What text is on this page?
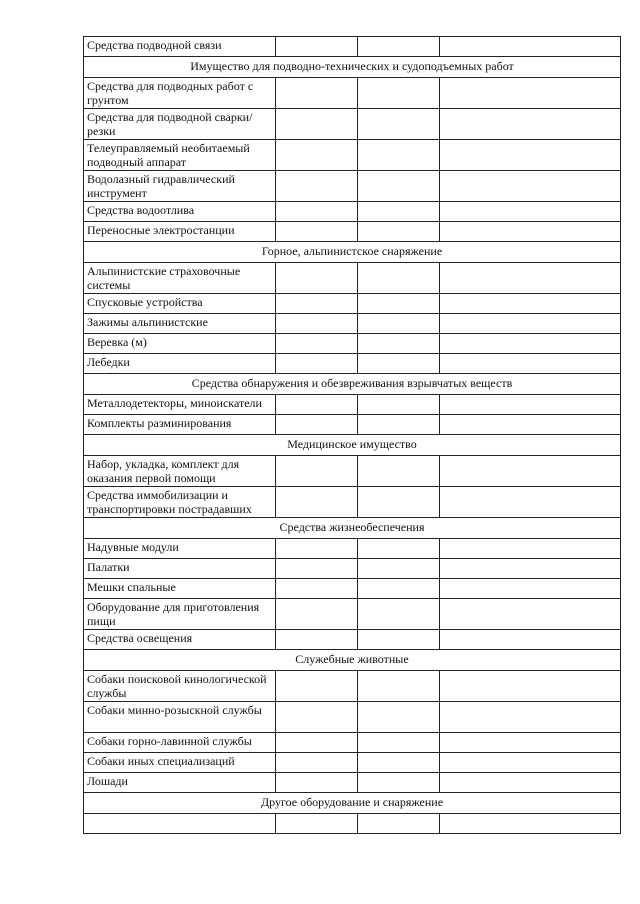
Средства подводной связи			
Имущество для подводно-технических и судоподъемных работ			
Средства для подводных работ с грунтом			
Средства для подводной сварки/резки			
Телеуправляемый необитаемый подводный аппарат			
Водолазный гидравлический инструмент			
Средства водоотлива			
Переносные электростанции			
Горное, альпинистское снаряжение			
Альпинистские страховочные системы			
Спусковые устройства			
Зажимы альпинистские			
Веревка (м)			
Лебедки			
Средства обнаружения и обезвреживания взрывчатых веществ			
Металлодетекторы, миноискатели			
Комплекты разминирования			
Медицинское имущество			
Набор, укладка, комплект для оказания первой помощи			
Средства иммобилизации и транспортировки пострадавших			
Средства жизнеобеспечения			
Надувные модули			
Палатки			
Мешки спальные			
Оборудование для приготовления пищи			
Средства освещения			
Служебные животные			
Собаки поисковой кинологической службы			
Собаки минно-розыскной службы			
Собаки горно-лавинной службы			
Собаки иных специализаций			
Лошади			
Другое оборудование и снаряжение			
